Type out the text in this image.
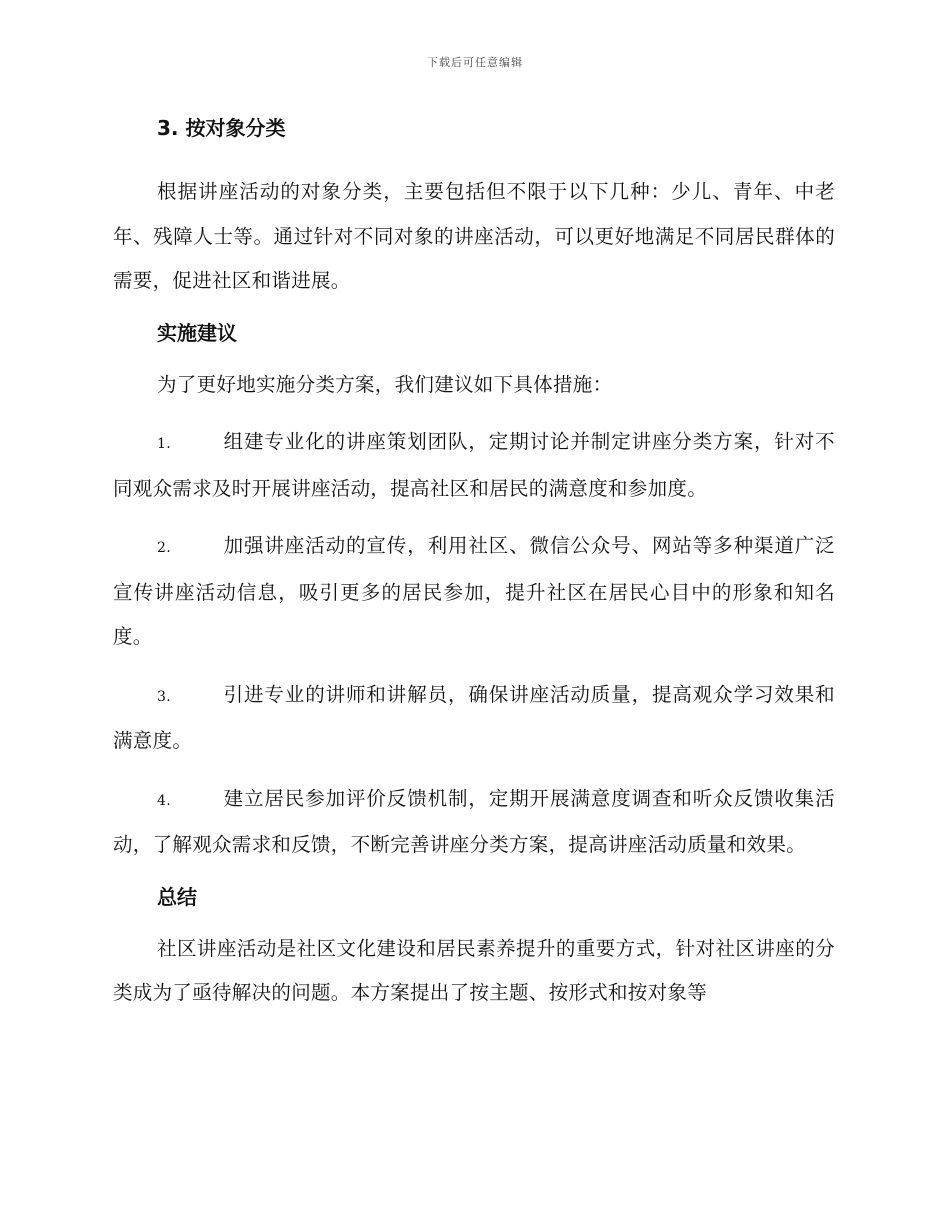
下载后可任意编辑
3. 按对象分类

根据讲座活动的对象分类，主要包括但不限于以下几种：少儿、青年、中老年、残障人士等。通过针对不同对象的讲座活动，可以更好地满足不同居民群体的需要，促进社区和谐进展。

实施建议

为了更好地实施分类方案，我们建议如下具体措施：

1.	组建专业化的讲座策划团队，定期讨论并制定讲座分类方案，针对不同观众需求及时开展讲座活动，提高社区和居民的满意度和参加度。

2.	加强讲座活动的宣传，利用社区、微信公众号、网站等多种渠道广泛宣传讲座活动信息，吸引更多的居民参加，提升社区在居民心目中的形象和知名度。

3.	引进专业的讲师和讲解员，确保讲座活动质量，提高观众学习效果和满意度。

4.	建立居民参加评价反馈机制，定期开展满意度调查和听众反馈收集活动，了解观众需求和反馈，不断完善讲座分类方案，提高讲座活动质量和效果。

总结

社区讲座活动是社区文化建设和居民素养提升的重要方式，针对社区讲座的分类成为了亟待解决的问题。本方案提出了按主题、按形式和按对象等
